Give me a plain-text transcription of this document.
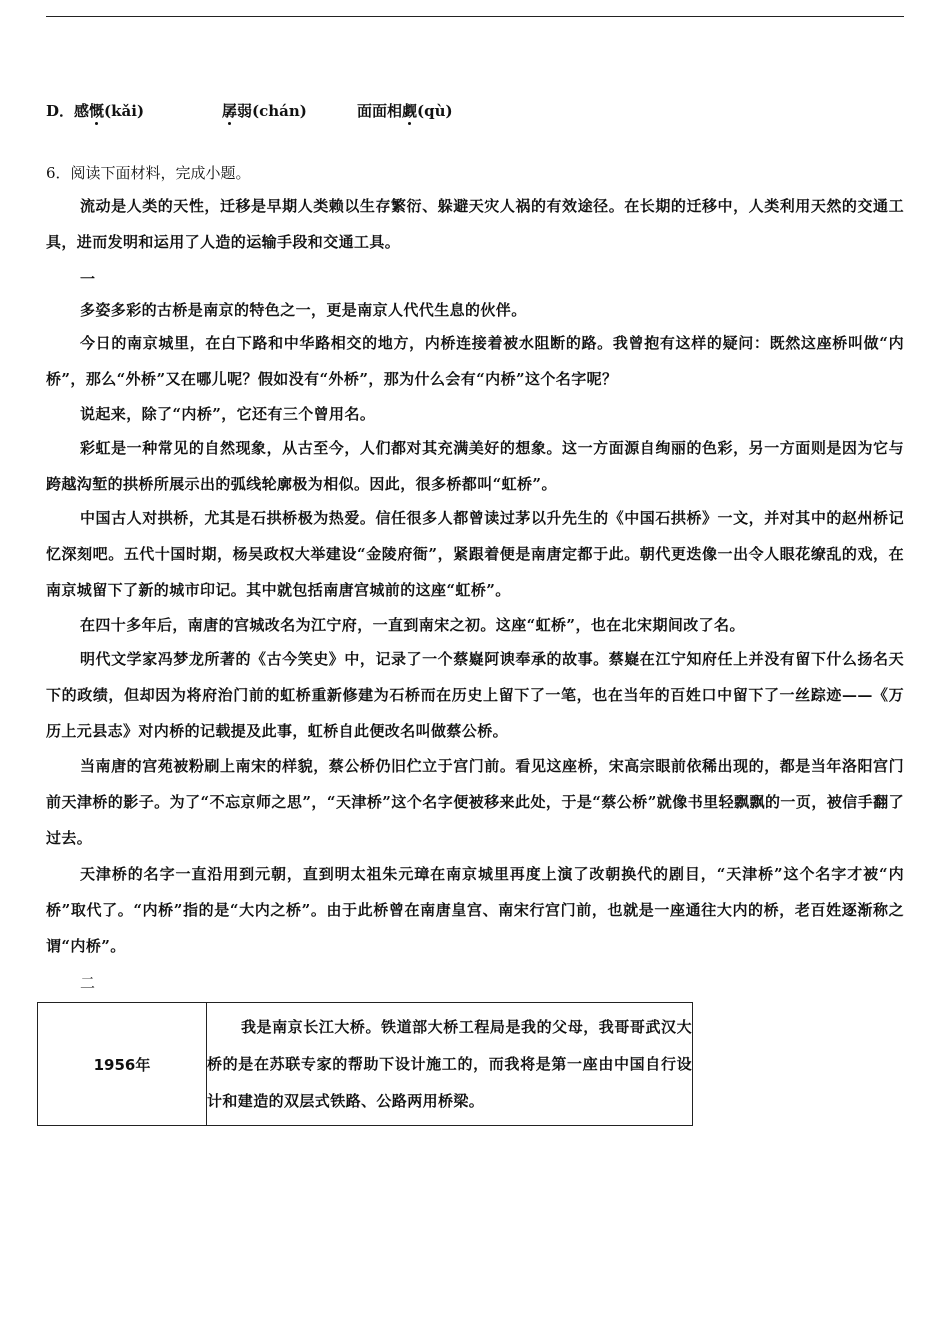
D．感慨(kǎi)	孱弱(chán)	面面相觑(qù)
6．阅读下面材料，完成小题。
流动是人类的天性，迁移是早期人类赖以生存繁衍、躲避天灾人祸的有效途径。在长期的迁移中，人类利用天然的交通工具，进而发明和运用了人造的运输手段和交通工具。
一
多姿多彩的古桥是南京的特色之一，更是南京人代代生息的伙伴。
今日的南京城里，在白下路和中华路相交的地方，内桥连接着被水阻断的路。我曾抱有这样的疑问：既然这座桥叫做“内桥”，那么“外桥”又在哪儿呢？假如没有“外桥”，那为什么会有“内桥”这个名字呢？
说起来，除了“内桥”，它还有三个曾用名。
彩虹是一种常见的自然现象，从古至今，人们都对其充满美好的想象。这一方面源自绚丽的色彩，另一方面则是因为它与跨越沟堑的拱桥所展示出的弧线轮廓极为相似。因此，很多桥都叫“虹桥”。
中国古人对拱桥，尤其是石拱桥极为热爱。信任很多人都曾读过茅以升先生的《中国石拱桥》一文，并对其中的赵州桥记忆深刻吧。五代十国时期，杨吴政权大举建设“金陵府衙”，紧跟着便是南唐定都于此。朝代更迭像一出令人眼花缭乱的戏，在南京城留下了新的城市印记。其中就包括南唐宫城前的这座“虹桥”。
在四十多年后，南唐的宫城改名为江宁府，一直到南宋之初。这座“虹桥”，也在北宋期间改了名。
明代文学家冯梦龙所著的《古今笑史》中，记录了一个蔡嶷阿谀奉承的故事。蔡嶷在江宁知府任上并没有留下什么扬名天下的政绩，但却因为将府治门前的虹桥重新修建为石桥而在历史上留下了一笔，也在当年的百姓口中留下了一丝踪迹——《万历上元县志》对内桥的记载提及此事，虹桥自此便改名叫做蔡公桥。
当南唐的宫苑被粉刷上南宋的样貌，蔡公桥仍旧伫立于宫门前。看见这座桥，宋高宗眼前依稀出现的，都是当年洛阳宫门前天津桥的影子。为了“不忘京师之思”，“天津桥”这个名字便被移来此处，于是“蔡公桥”就像书里轻飘飘的一页，被信手翻了过去。
天津桥的名字一直沿用到元朝，直到明太祖朱元璋在南京城里再度上演了改朝换代的剧目，“天津桥”这个名字才被“内桥”取代了。“内桥”指的是“大内之桥”。由于此桥曾在南唐皇宫、南宋行宫门前，也就是一座通往大内的桥，老百姓逐渐称之谓“内桥”。
二
1956年	我是南京长江大桥。铁道部大桥工程局是我的父母，我哥哥武汉大桥的是在苏联专家的帮助下设计施工的，而我将是第一座由中国自行设计和建造的双层式铁路、公路两用桥梁。
